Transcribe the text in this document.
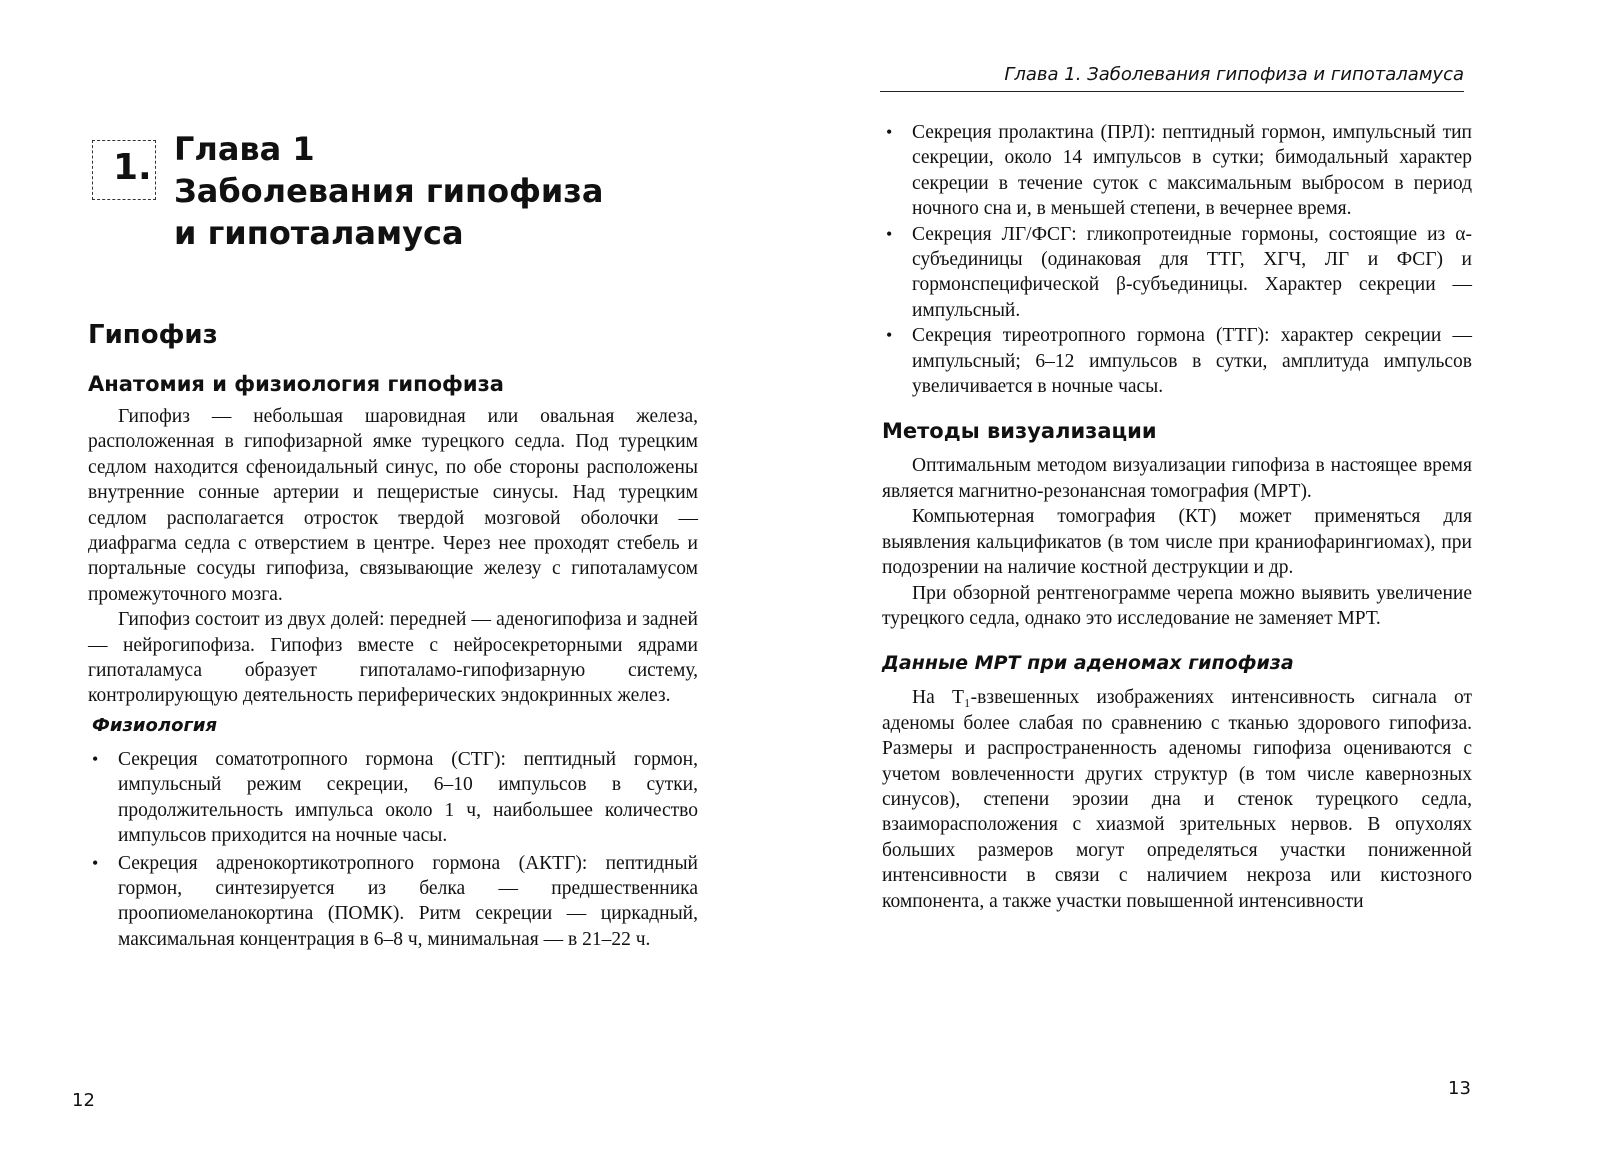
1. Глава 1

Заболевания гипофиза

и гипоталамуса

Гипофиз
Анатомия и физиология гипофиза

Гипофиз — небольшая шаровидная или овальная железа, расположенная в гипофизарной ямке турецкого седла. Под турецким седлом находится сфеноидальный синус, по обе стороны расположены внутренние сонные артерии и пещеристые синусы. Над турецким седлом располагается отросток твердой мозговой оболочки — диафрагма седла с отверстием в центре. Через нее проходят стебель и портальные сосуды гипофиза, связывающие железу с гипоталамусом промежуточного мозга.

Гипофиз состоит из двух долей: передней — аденогипофиза и задней — нейрогипофиза. Гипофиз вместе с нейросекреторными ядрами гипоталамуса образует гипоталамо-гипофизарную систему, контролирующую деятельность периферических эндокринных желез.

Физиология
• Секреция соматотропного гормона (СТГ): пептидный гормон, импульсный режим секреции, 6–10 импульсов в сутки, продолжительность импульса около 1 ч, наибольшее количество импульсов приходится на ночные часы.
• Секреция адренокортикотропного гормона (АКТГ): пептидный гормон, синтезируется из белка — предшественника проопиомеланокортина (ПОМК). Ритм секреции — циркадный, максимальная концентрация в 6–8 ч, минимальная — в 21–22 ч.
12
Глава 1. Заболевания гипофиза и гипоталамуса
• Секреция пролактина (ПРЛ): пептидный гормон, импульсный тип секреции, около 14 импульсов в сутки; бимодальный характер секреции в течение суток с максимальным выбросом в период ночного сна и, в меньшей степени, в вечернее время.
• Секреция ЛГ/ФСГ: гликопротеидные гормоны, состоящие из α-субъединицы (одинаковая для ТТГ, ХГЧ, ЛГ и ФСГ) и гормонспецифической β-субъединицы. Характер секреции — импульсный.
• Секреция тиреотропного гормона (ТТГ): характер секреции — импульсный; 6–12 импульсов в сутки, амплитуда импульсов увеличивается в ночные часы.
Методы визуализации

Оптимальным методом визуализации гипофиза в настоящее время является магнитно-резонансная томография (МРТ).

Компьютерная томография (КТ) может применяться для выявления кальцификатов (в том числе при краниофарингиомах), при подозрении на наличие костной деструкции и др.

При обзорной рентгенограмме черепа можно выявить увеличение турецкого седла, однако это исследование не заменяет МРТ.

Данные МРТ при аденомах гипофиза

На T₁-взвешенных изображениях интенсивность сигнала от аденомы более слабая по сравнению с тканью здорового гипофиза. Размеры и распространенность аденомы гипофиза оцениваются с учетом вовлеченности других структур (в том числе кавернозных синусов), степени эрозии дна и стенок турецкого седла, взаиморасположения с хиазмой зрительных нервов. В опухолях больших размеров могут определяться участки пониженной интенсивности в связи с наличием некроза или кистозного компонента, а также участки повышенной интенсивности

13
